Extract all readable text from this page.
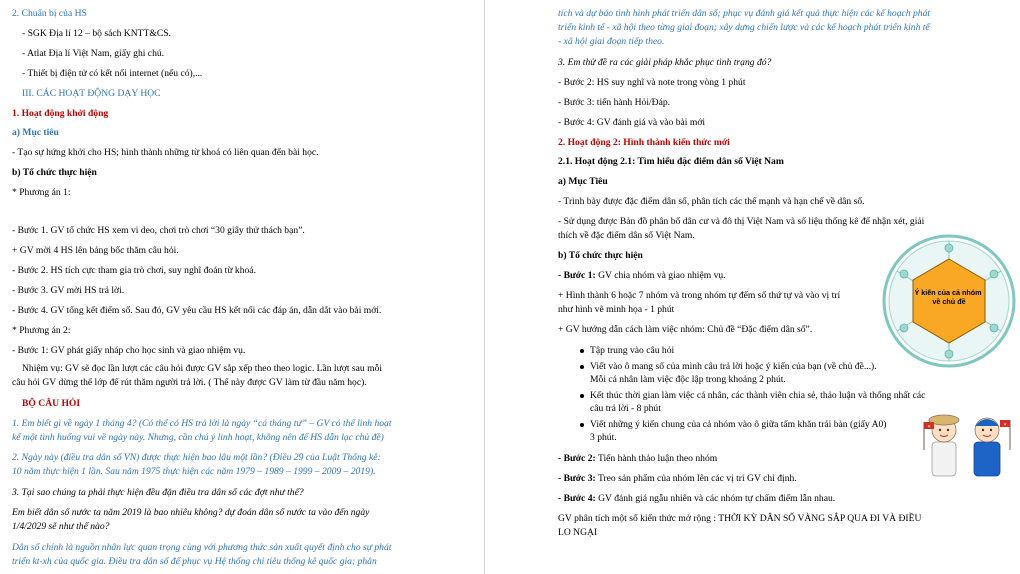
2. Chuẩn bị của HS
- SGK Địa lí 12 – bộ sách KNTT&CS.
- Atlat Địa lí Việt Nam, giấy ghi chú.
- Thiết bị điện tử có kết nối internet (nếu có),...
III. CÁC HOẠT ĐỘNG DẠY HỌC
1. Hoạt động khởi động
a) Mục tiêu
- Tạo sự hứng khởi cho HS; hình thành những từ khoá có liên quan đến bài học.
b) Tổ chức thực hiện
* Phương án 1:
- Bước 1. GV tổ chức HS xem vi deo, chơi trò chơi “30 giây thử thách bạn”.
+ GV mời 4 HS lên bảng bốc thăm câu hỏi.
- Bước 2. HS tích cực tham gia trò chơi, suy nghĩ đoán từ khoá.
- Bước 3. GV mời HS trả lời.
- Bước 4. GV tổng kết điểm số. Sau đó, GV yêu cầu HS kết nối các đáp án, dẫn dắt vào bài mới.
* Phương án 2:
- Bước 1: GV phát giấy nháp cho học sinh và giao nhiệm vụ.
Nhiệm vụ: GV sẽ đọc lần lượt các câu hỏi được GV sắp xếp theo theo logic. Lần lượt sau mỗi
câu hỏi GV dừng thể lớp để rút thăm người trả lời. ( Thể này được GV làm từ đầu năm học).
BỘ CÂU HỎI
1. Em biết gì về ngày 1 tháng 4? (Có thể có HS trả lời là ngày “cá tháng tư” – GV có thể linh hoạt
kể một tình huống vui về ngày này. Nhưng, cần chú ý linh hoạt, không nên để HS dẫn lạc chủ đề)
2. Ngày này (điều tra dân số VN) được thực hiện bao lâu một lần? (Điều 29 của Luật Thống kê:
10 năm thực hiện 1 lần. Sau năm 1975 thực hiện các năm 1979 – 1989 – 1999 – 2009 – 2019).
3. Tại sao chúng ta phải thực hiện đều đặn điều tra dân số các đợt như thế?
Em biết dân số nước ta năm 2019 là bao nhiêu không? dự đoán dân số nước ta vào đến ngày
1/4/2029 sẽ như thế nào?
Dân số chính là nguồn nhân lực quan trọng cùng với phương thức sản xuất quyết định cho sự phát
triển kt-xh của quốc gia. Điều tra dân số để phục vụ Hệ thống chỉ tiêu thống kê quốc gia; phân
tích và dự báo tình hình phát triển dân số; phục vụ đánh giá kết quả thực hiện các kế hoạch phát
triển kinh tế - xã hội theo từng giai đoạn; xây dựng chiến lược và các kế hoạch phát triển kinh tế
- xã hội giai đoạn tiếp theo.
3. Em thử đề ra các giải pháp khắc phục tình trạng đó?
- Bước 2: HS suy nghĩ và note trong vòng 1 phút
- Bước 3: tiến hành Hỏi/Đáp.
- Bước 4: GV đánh giá và vào bài mới
2. Hoạt động 2: Hình thành kiến thức mới
2.1. Hoạt động 2.1: Tìm hiểu đặc điểm dân số Việt Nam
a) Mục Tiêu
- Trình bày được đặc điểm dân số, phân tích các thế mạnh và hạn chế về dân số.
- Sử dụng được Bản đồ phân bố dân cư và đô thị Việt Nam và số liệu thống kê để nhận xét, giải
thích về đặc điểm dân số Việt Nam.
b) Tổ chức thực hiện
- Bước 1: GV chia nhóm và giao nhiệm vụ.
+ Hình thành 6 hoặc 7 nhóm và trong nhóm tự đếm số thứ tự và vào vị trí
như hình vẽ minh họa - 1 phút
+ GV hướng dẫn cách làm việc nhóm: Chủ đề “Đặc điểm dân số”.
Tập trung vào câu hỏi
Viết vào ô mang số của mình câu trả lời hoặc ý kiến của bạn (về chủ đề...).
Mỗi cá nhân làm việc độc lập trong khoảng 2 phút.
Kết thúc thời gian làm việc cá nhân, các thành viên chia sẻ, thảo luận và thống nhất các
câu trả lời - 8 phút
Viết những ý kiến chung của cả nhóm vào ô giữa tấm khăn trải bàn (giấy A0)
3 phút.
- Bước 2: Tiến hành thảo luận theo nhóm
- Bước 3: Treo sản phẩm của nhóm lên các vị trí GV chỉ định.
- Bước 4: GV đánh giá ngẫu nhiên và các nhóm tự chấm điểm lẫn nhau.
GV phân tích một số kiến thức mở rộng : THỜI KỲ DÂN SỐ VÀNG SẮP QUA ĐI VÀ ĐIỀU
LO NGẠI
Ý kiến của cả nhóm về chủ đề
★	★
